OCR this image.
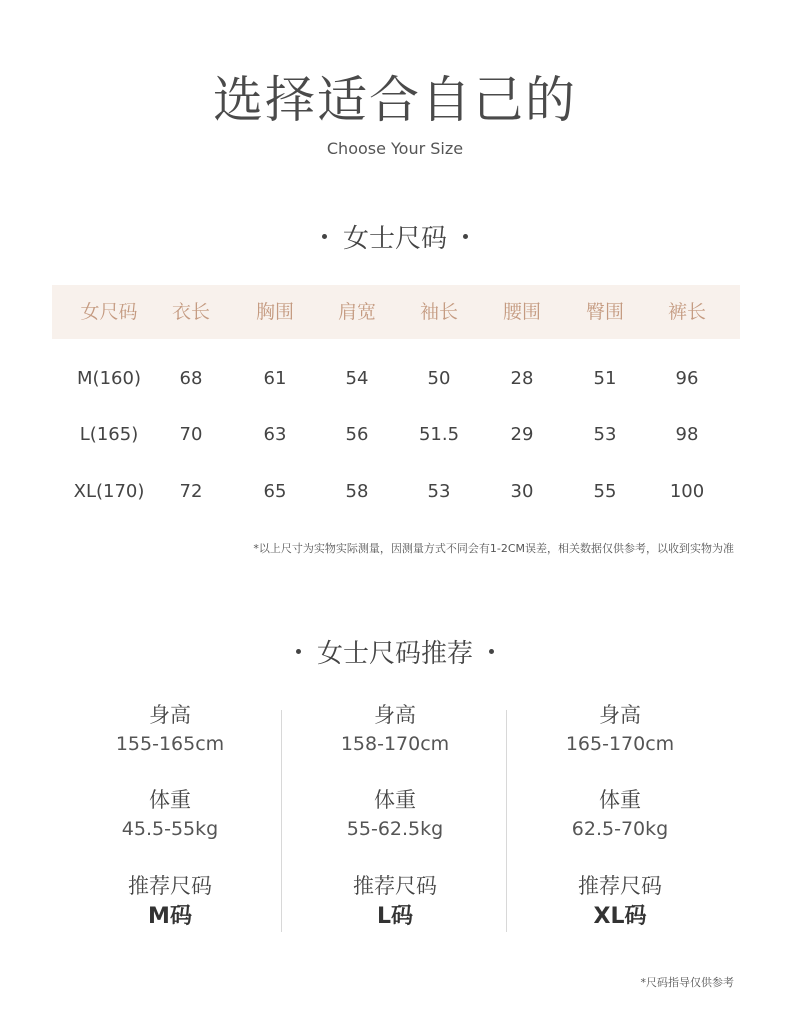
选择适合自己的
Choose Your Size
女士尺码
女尺码	衣长	胸围	肩宽	袖长	腰围	臀围	裤长
M(160)	68	61	54	50	28	51	96
L(165)	70	63	56	51.5	29	53	98
XL(170)	72	65	58	53	30	55	100
*以上尺寸为实物实际测量，因测量方式不同会有1-2CM误差，相关数据仅供参考，以收到实物为准
女士尺码推荐
身高
155-165cm
体重
45.5-55kg
推荐尺码
M码
身高
158-170cm
体重
55-62.5kg
推荐尺码
L码
身高
165-170cm
体重
62.5-70kg
推荐尺码
XL码
*尺码指导仅供参考
